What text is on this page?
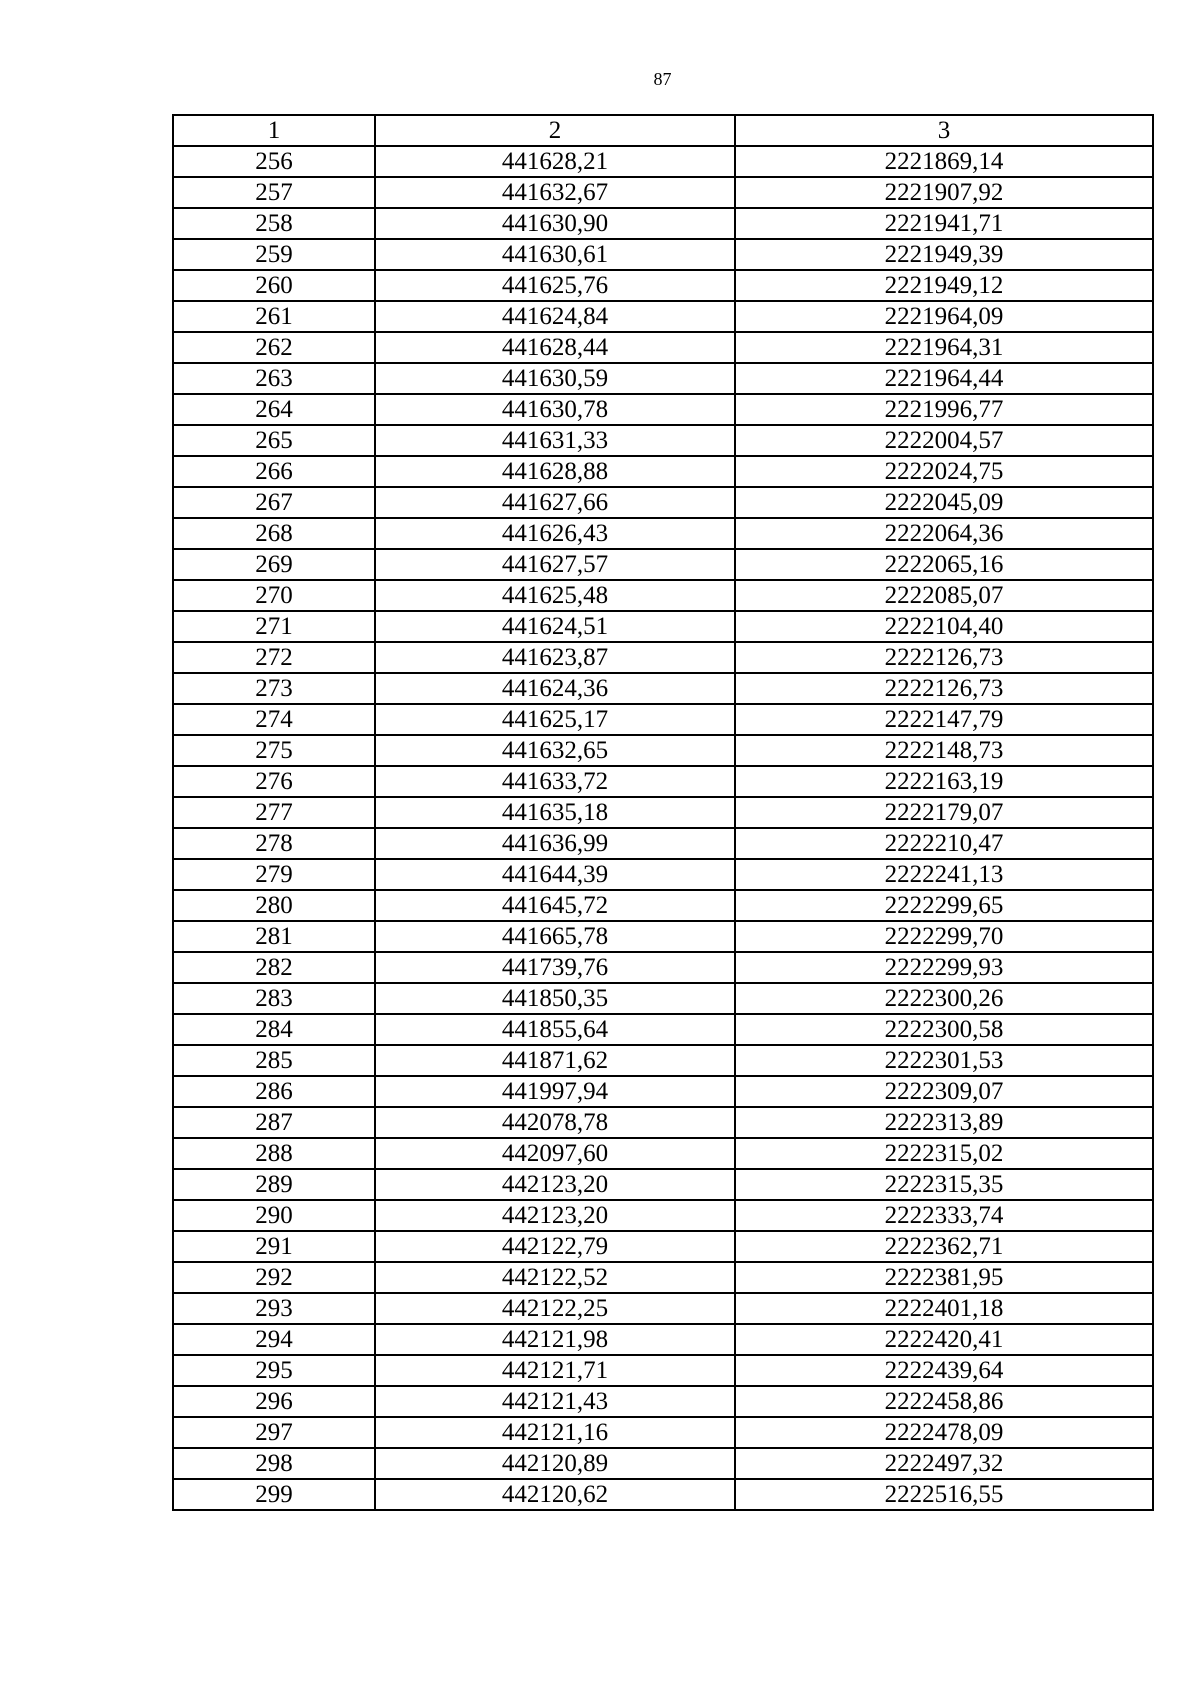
87
1	2	3
256	441628,21	2221869,14
257	441632,67	2221907,92
258	441630,90	2221941,71
259	441630,61	2221949,39
260	441625,76	2221949,12
261	441624,84	2221964,09
262	441628,44	2221964,31
263	441630,59	2221964,44
264	441630,78	2221996,77
265	441631,33	2222004,57
266	441628,88	2222024,75
267	441627,66	2222045,09
268	441626,43	2222064,36
269	441627,57	2222065,16
270	441625,48	2222085,07
271	441624,51	2222104,40
272	441623,87	2222126,73
273	441624,36	2222126,73
274	441625,17	2222147,79
275	441632,65	2222148,73
276	441633,72	2222163,19
277	441635,18	2222179,07
278	441636,99	2222210,47
279	441644,39	2222241,13
280	441645,72	2222299,65
281	441665,78	2222299,70
282	441739,76	2222299,93
283	441850,35	2222300,26
284	441855,64	2222300,58
285	441871,62	2222301,53
286	441997,94	2222309,07
287	442078,78	2222313,89
288	442097,60	2222315,02
289	442123,20	2222315,35
290	442123,20	2222333,74
291	442122,79	2222362,71
292	442122,52	2222381,95
293	442122,25	2222401,18
294	442121,98	2222420,41
295	442121,71	2222439,64
296	442121,43	2222458,86
297	442121,16	2222478,09
298	442120,89	2222497,32
299	442120,62	2222516,55
